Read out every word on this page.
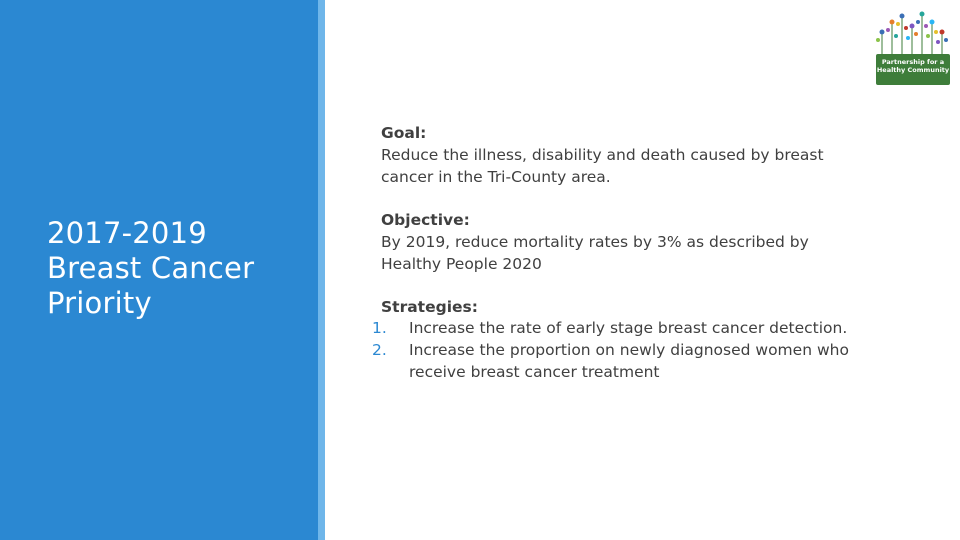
2017-2019
Breast Cancer
Priority
Partnership for a
Healthy Community
Goal:
Reduce the illness, disability and death caused by breast
cancer in the Tri-County area.
Objective:
By 2019, reduce mortality rates by 3% as described by
Healthy People 2020
Strategies:
1. Increase the rate of early stage breast cancer detection.
2. Increase the proportion on newly diagnosed women who
receive breast cancer treatment
